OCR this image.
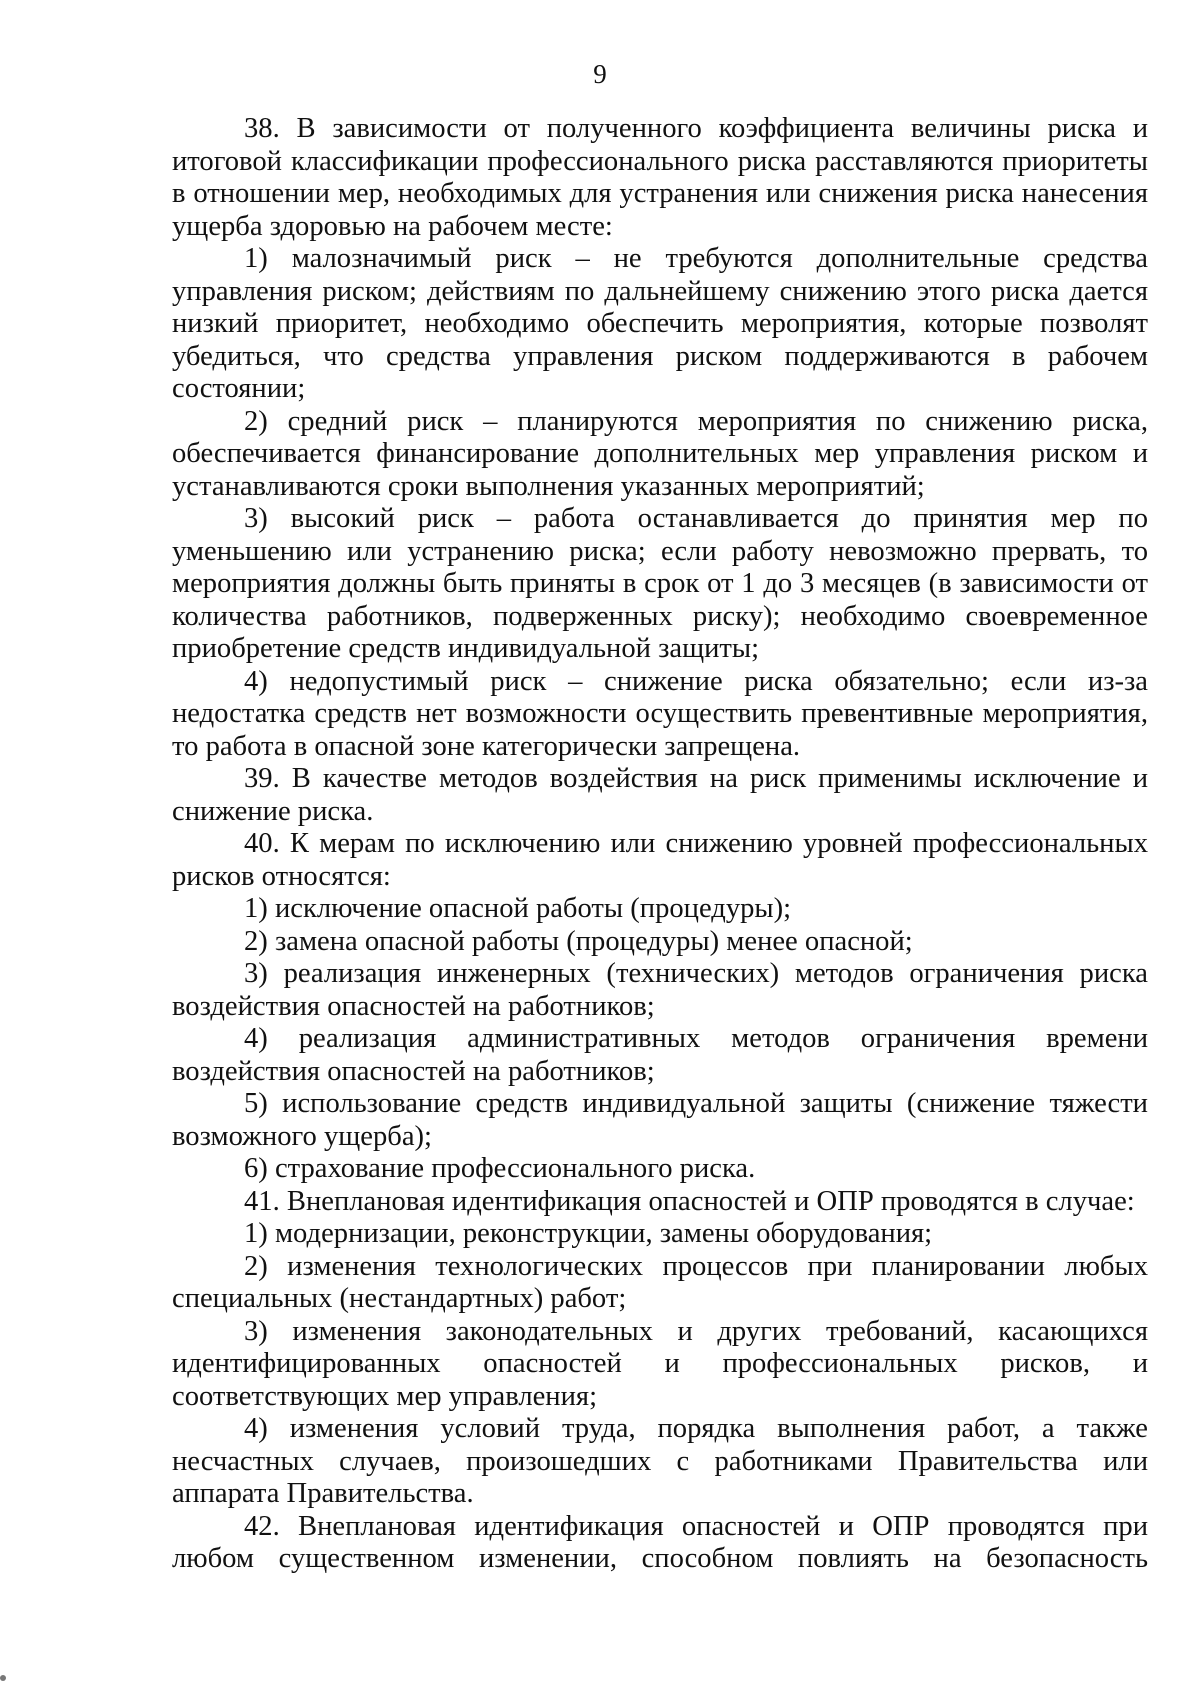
9

38. В зависимости от полученного коэффициента величины риска и итоговой классификации профессионального риска расставляются приоритеты в отношении мер, необходимых для устранения или снижения риска нанесения ущерба здоровью на рабочем месте:

1) малозначимый риск – не требуются дополнительные средства управления риском; действиям по дальнейшему снижению этого риска дается низкий приоритет, необходимо обеспечить мероприятия, которые позволят убедиться, что средства управления риском поддерживаются в рабочем состоянии;

2) средний риск – планируются мероприятия по снижению риска, обеспечивается финансирование дополнительных мер управления риском и устанавливаются сроки выполнения указанных мероприятий;

3) высокий риск – работа останавливается до принятия мер по уменьшению или устранению риска; если работу невозможно прервать, то мероприятия должны быть приняты в срок от 1 до 3 месяцев (в зависимости от количества работников, подверженных риску); необходимо своевременное приобретение средств индивидуальной защиты;

4) недопустимый риск – снижение риска обязательно; если из-за недостатка средств нет возможности осуществить превентивные мероприятия, то работа в опасной зоне категорически запрещена.

39. В качестве методов воздействия на риск применимы исключение и снижение риска.

40. К мерам по исключению или снижению уровней профессиональных рисков относятся:

1) исключение опасной работы (процедуры);

2) замена опасной работы (процедуры) менее опасной;

3) реализация инженерных (технических) методов ограничения риска воздействия опасностей на работников;

4) реализация административных методов ограничения времени воздействия опасностей на работников;

5) использование средств индивидуальной защиты (снижение тяжести возможного ущерба);

6) страхование профессионального риска.

41. Внеплановая идентификация опасностей и ОПР проводятся в случае:

1) модернизации, реконструкции, замены оборудования;

2) изменения технологических процессов при планировании любых специальных (нестандартных) работ;

3) изменения законодательных и других требований, касающихся идентифицированных опасностей и профессиональных рисков, и соответствующих мер управления;

4) изменения условий труда, порядка выполнения работ, а также несчастных случаев, произошедших с работниками Правительства или аппарата Правительства.

42. Внеплановая идентификация опасностей и ОПР проводятся при любом существенном изменении, способном повлиять на безопасность
